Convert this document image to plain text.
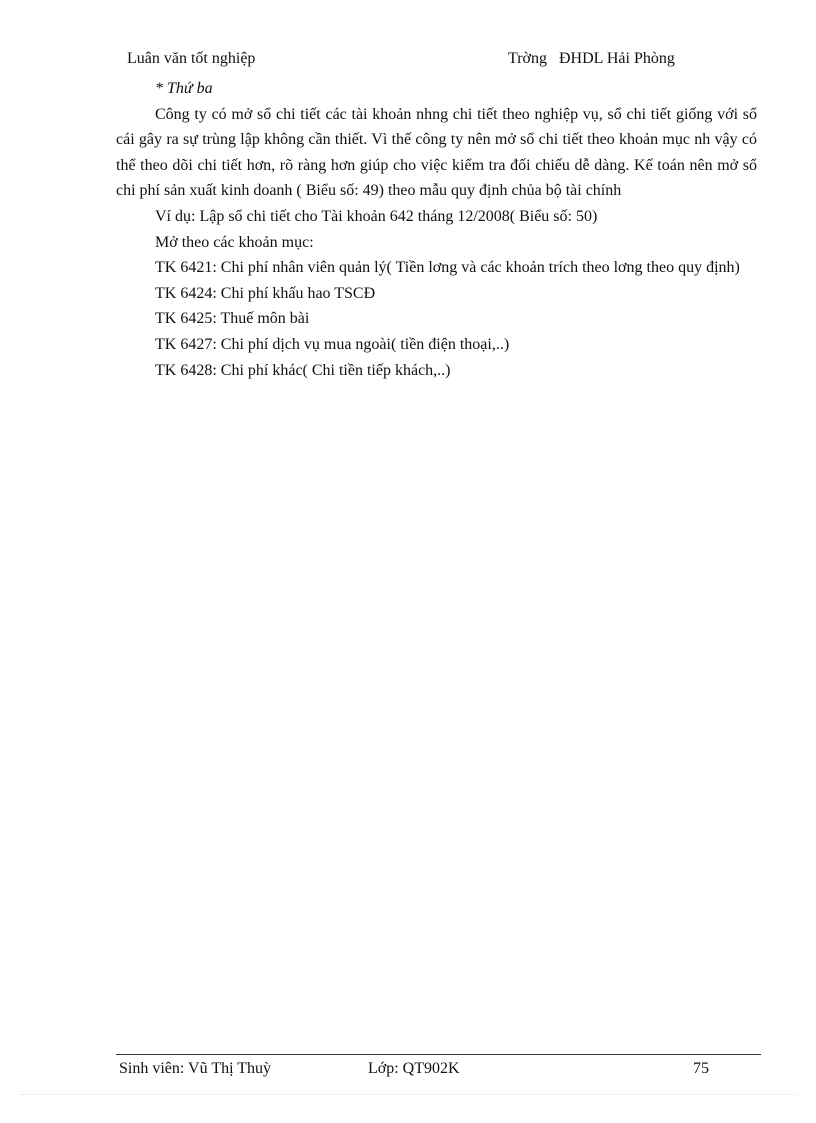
Luân văn tốt nghiệp	Trờng   ĐHDL Hải Phòng

* Thứ ba

Công ty có mở sổ chi tiết các tài khoản nhng chi tiết theo nghiệp vụ, sổ chi tiết giống với sổ cái gây ra sự trùng lập không cần thiết. Vì thế công ty nên mở sổ chi tiết theo khoản mục nh vậy có thể theo dõi chi tiết hơn, rõ ràng hơn giúp cho việc kiểm tra đối chiếu dễ dàng. Kế toán nên mở sổ chi phí sản xuất kinh doanh ( Biểu số: 49) theo mẫu quy định chủa bộ tài chính

Ví dụ: Lập sổ chi tiết cho Tài khoản 642 tháng 12/2008( Biểu số: 50)

Mở theo các khoản mục:

TK 6421: Chi phí nhân viên quản lý( Tiền lơng và các khoản trích theo lơng theo quy định)

TK 6424: Chi phí khấu hao TSCĐ

TK 6425: Thuế môn bài

TK 6427: Chi phí dịch vụ mua ngoài( tiền điện thoại,..)

TK 6428: Chi phí khác( Chi tiền tiếp khách,..)

Sinh viên: Vũ Thị Thuỳ	Lớp: QT902K	75
